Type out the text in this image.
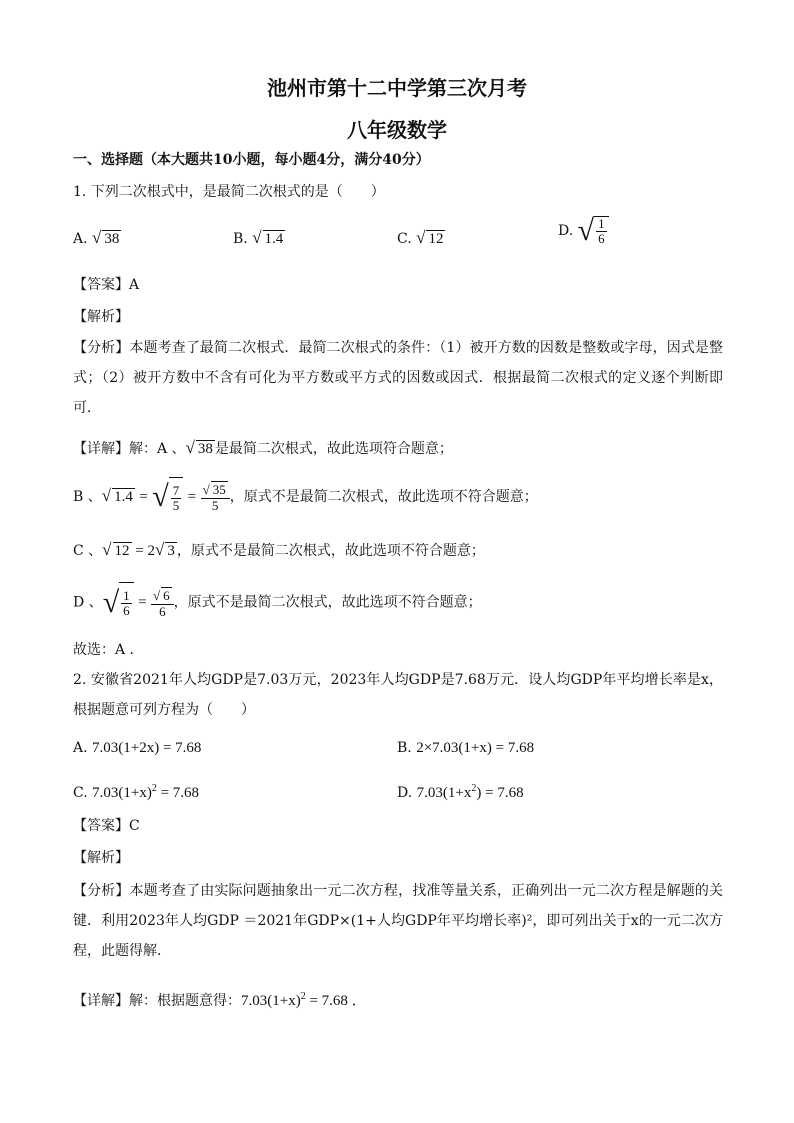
池州市第十二中学第三次月考
八年级数学
一、选择题（本大题共10小题，每小题4分，满分40分）
1. 下列二次根式中，是最简二次根式的是（　　）
A. √ 38	B. √ 1.4	C. √ 12	D. √ $\frac{1}{6}$
【答案】A
【解析】
【分析】本题考查了最简二次根式．最简二次根式的条件：（1）被开方数的因数是整数或字母，因式是整式；（2）被开方数中不含有可化为平方数或平方式的因数或因式．根据最简二次根式的定义逐个判断即可．
【详解】解：A 、√ 38 是最简二次根式，故此选项符合题意；
B 、√ 1.4 = √ $\frac{7}{5} = \frac{√ 35}{5}$ ，原式不是最简二次根式，故此选项不符合题意；
C 、√ 12 = 2√ 3 ，原式不是最简二次根式，故此选项不符合题意；
D 、 √ $\frac{1}{6} = \frac{√ 6}{6}$ ，原式不是最简二次根式，故此选项不符合题意；
故选：A ．
2. 安徽省2021年人均GDP是7.03万元，2023年人均GDP是7.68万元．设人均GDP年平均增长率是x，根据题意可列方程为（　　）
A. 7.03(1+2x) = 7.68	B. 2×7.03(1+x) = 7.68
C. $7.03(1+x)^2 = 7.68$	D. $7.03(1+x^2) = 7.68$
【答案】C
【解析】
【分析】本题考查了由实际问题抽象出一元二次方程，找准等量关系，正确列出一元二次方程是解题的关键．利用2023年人均GDP ＝2021年GDP×(1+人均GDP年平均增长率)²，即可列出关于x的一元二次方程，此题得解．
【详解】解：根据题意得：$7.03(1+x)^2 = 7.68$ ．
